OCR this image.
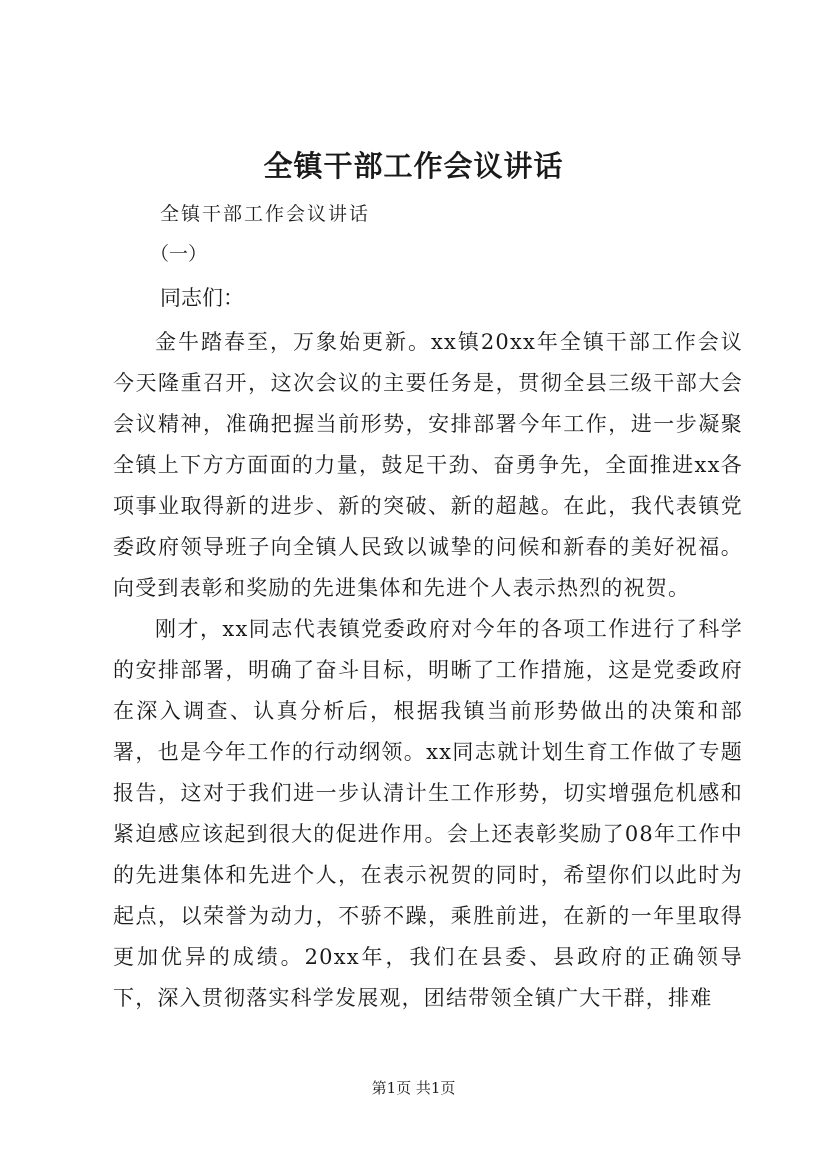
全镇干部工作会议讲话
全镇干部工作会议讲话
（一）
同志们：

金牛踏春至，万象始更新。xx镇20xx年全镇干部工作会议今天隆重召开，这次会议的主要任务是，贯彻全县三级干部大会会议精神，准确把握当前形势，安排部署今年工作，进一步凝聚全镇上下方方面面的力量，鼓足干劲、奋勇争先，全面推进xx各项事业取得新的进步、新的突破、新的超越。在此，我代表镇党委政府领导班子向全镇人民致以诚挚的问候和新春的美好祝福。向受到表彰和奖励的先进集体和先进个人表示热烈的祝贺。

刚才，xx同志代表镇党委政府对今年的各项工作进行了科学的安排部署，明确了奋斗目标，明晰了工作措施，这是党委政府在深入调查、认真分析后，根据我镇当前形势做出的决策和部署，也是今年工作的行动纲领。xx同志就计划生育工作做了专题报告，这对于我们进一步认清计生工作形势，切实增强危机感和紧迫感应该起到很大的促进作用。会上还表彰奖励了08年工作中的先进集体和先进个人，在表示祝贺的同时，希望你们以此时为起点，以荣誉为动力，不骄不躁，乘胜前进，在新的一年里取得更加优异的成绩。20xx年，我们在县委、县政府的正确领导下，深入贯彻落实科学发展观，团结带领全镇广大干群，排难

第1页 共1页
